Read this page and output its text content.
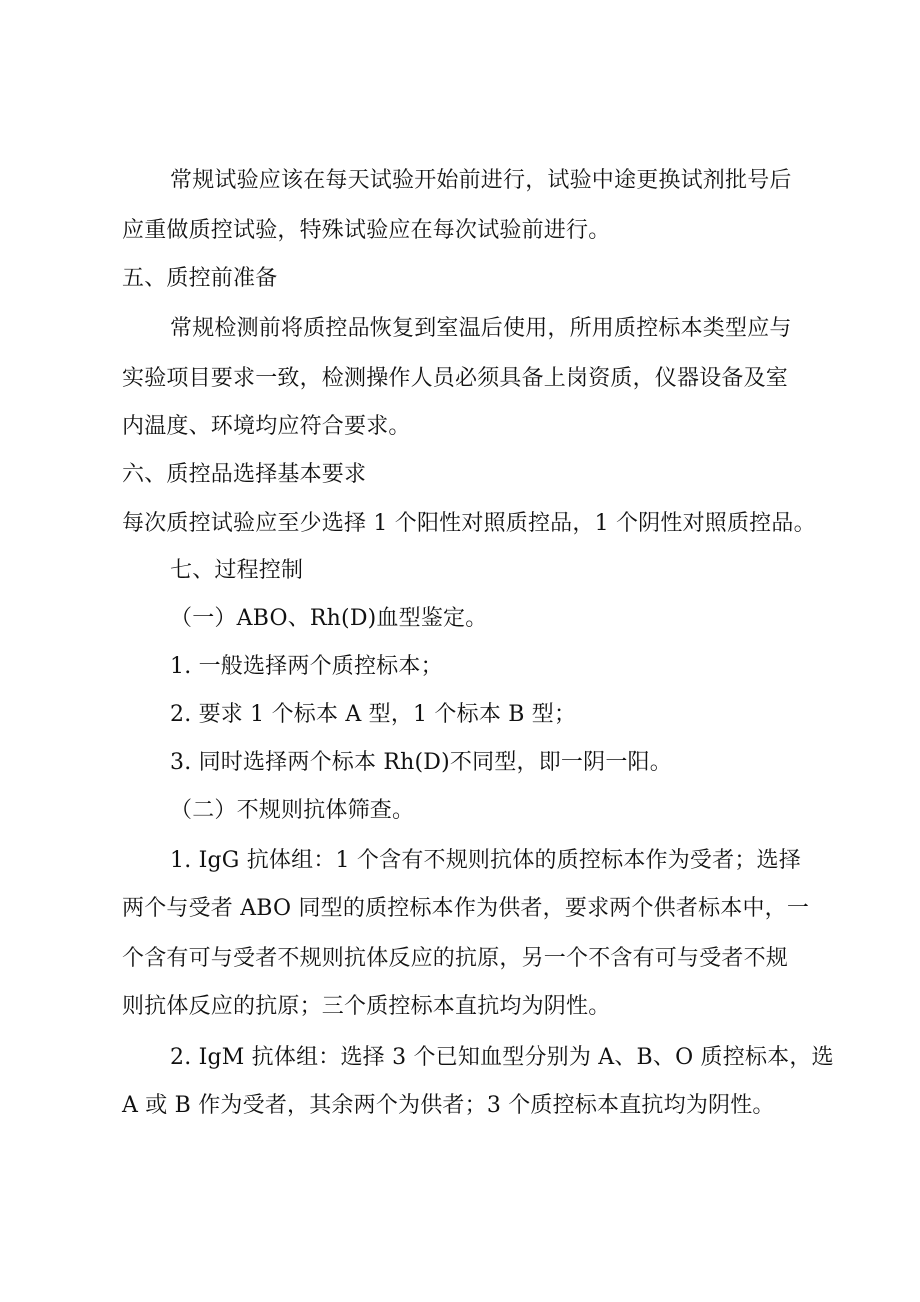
常规试验应该在每天试验开始前进行，试验中途更换试剂批号后
应重做质控试验，特殊试验应在每次试验前进行。
五、质控前准备
常规检测前将质控品恢复到室温后使用，所用质控标本类型应与
实验项目要求一致，检测操作人员必须具备上岗资质，仪器设备及室
内温度、环境均应符合要求。
六、质控品选择基本要求
每次质控试验应至少选择 1 个阳性对照质控品，1 个阴性对照质控品。
七、过程控制
（一）ABO、Rh(D)血型鉴定。
1. 一般选择两个质控标本；
2. 要求 1 个标本 A 型，1 个标本 B 型；
3. 同时选择两个标本 Rh(D)不同型，即一阴一阳。
（二）不规则抗体筛查。
1. IgG 抗体组：1 个含有不规则抗体的质控标本作为受者；选择
两个与受者 ABO 同型的质控标本作为供者，要求两个供者标本中，一
个含有可与受者不规则抗体反应的抗原，另一个不含有可与受者不规
则抗体反应的抗原；三个质控标本直抗均为阴性。
2. IgM 抗体组：选择 3 个已知血型分别为 A、B、O 质控标本，选
A 或 B 作为受者，其余两个为供者；3 个质控标本直抗均为阴性。
